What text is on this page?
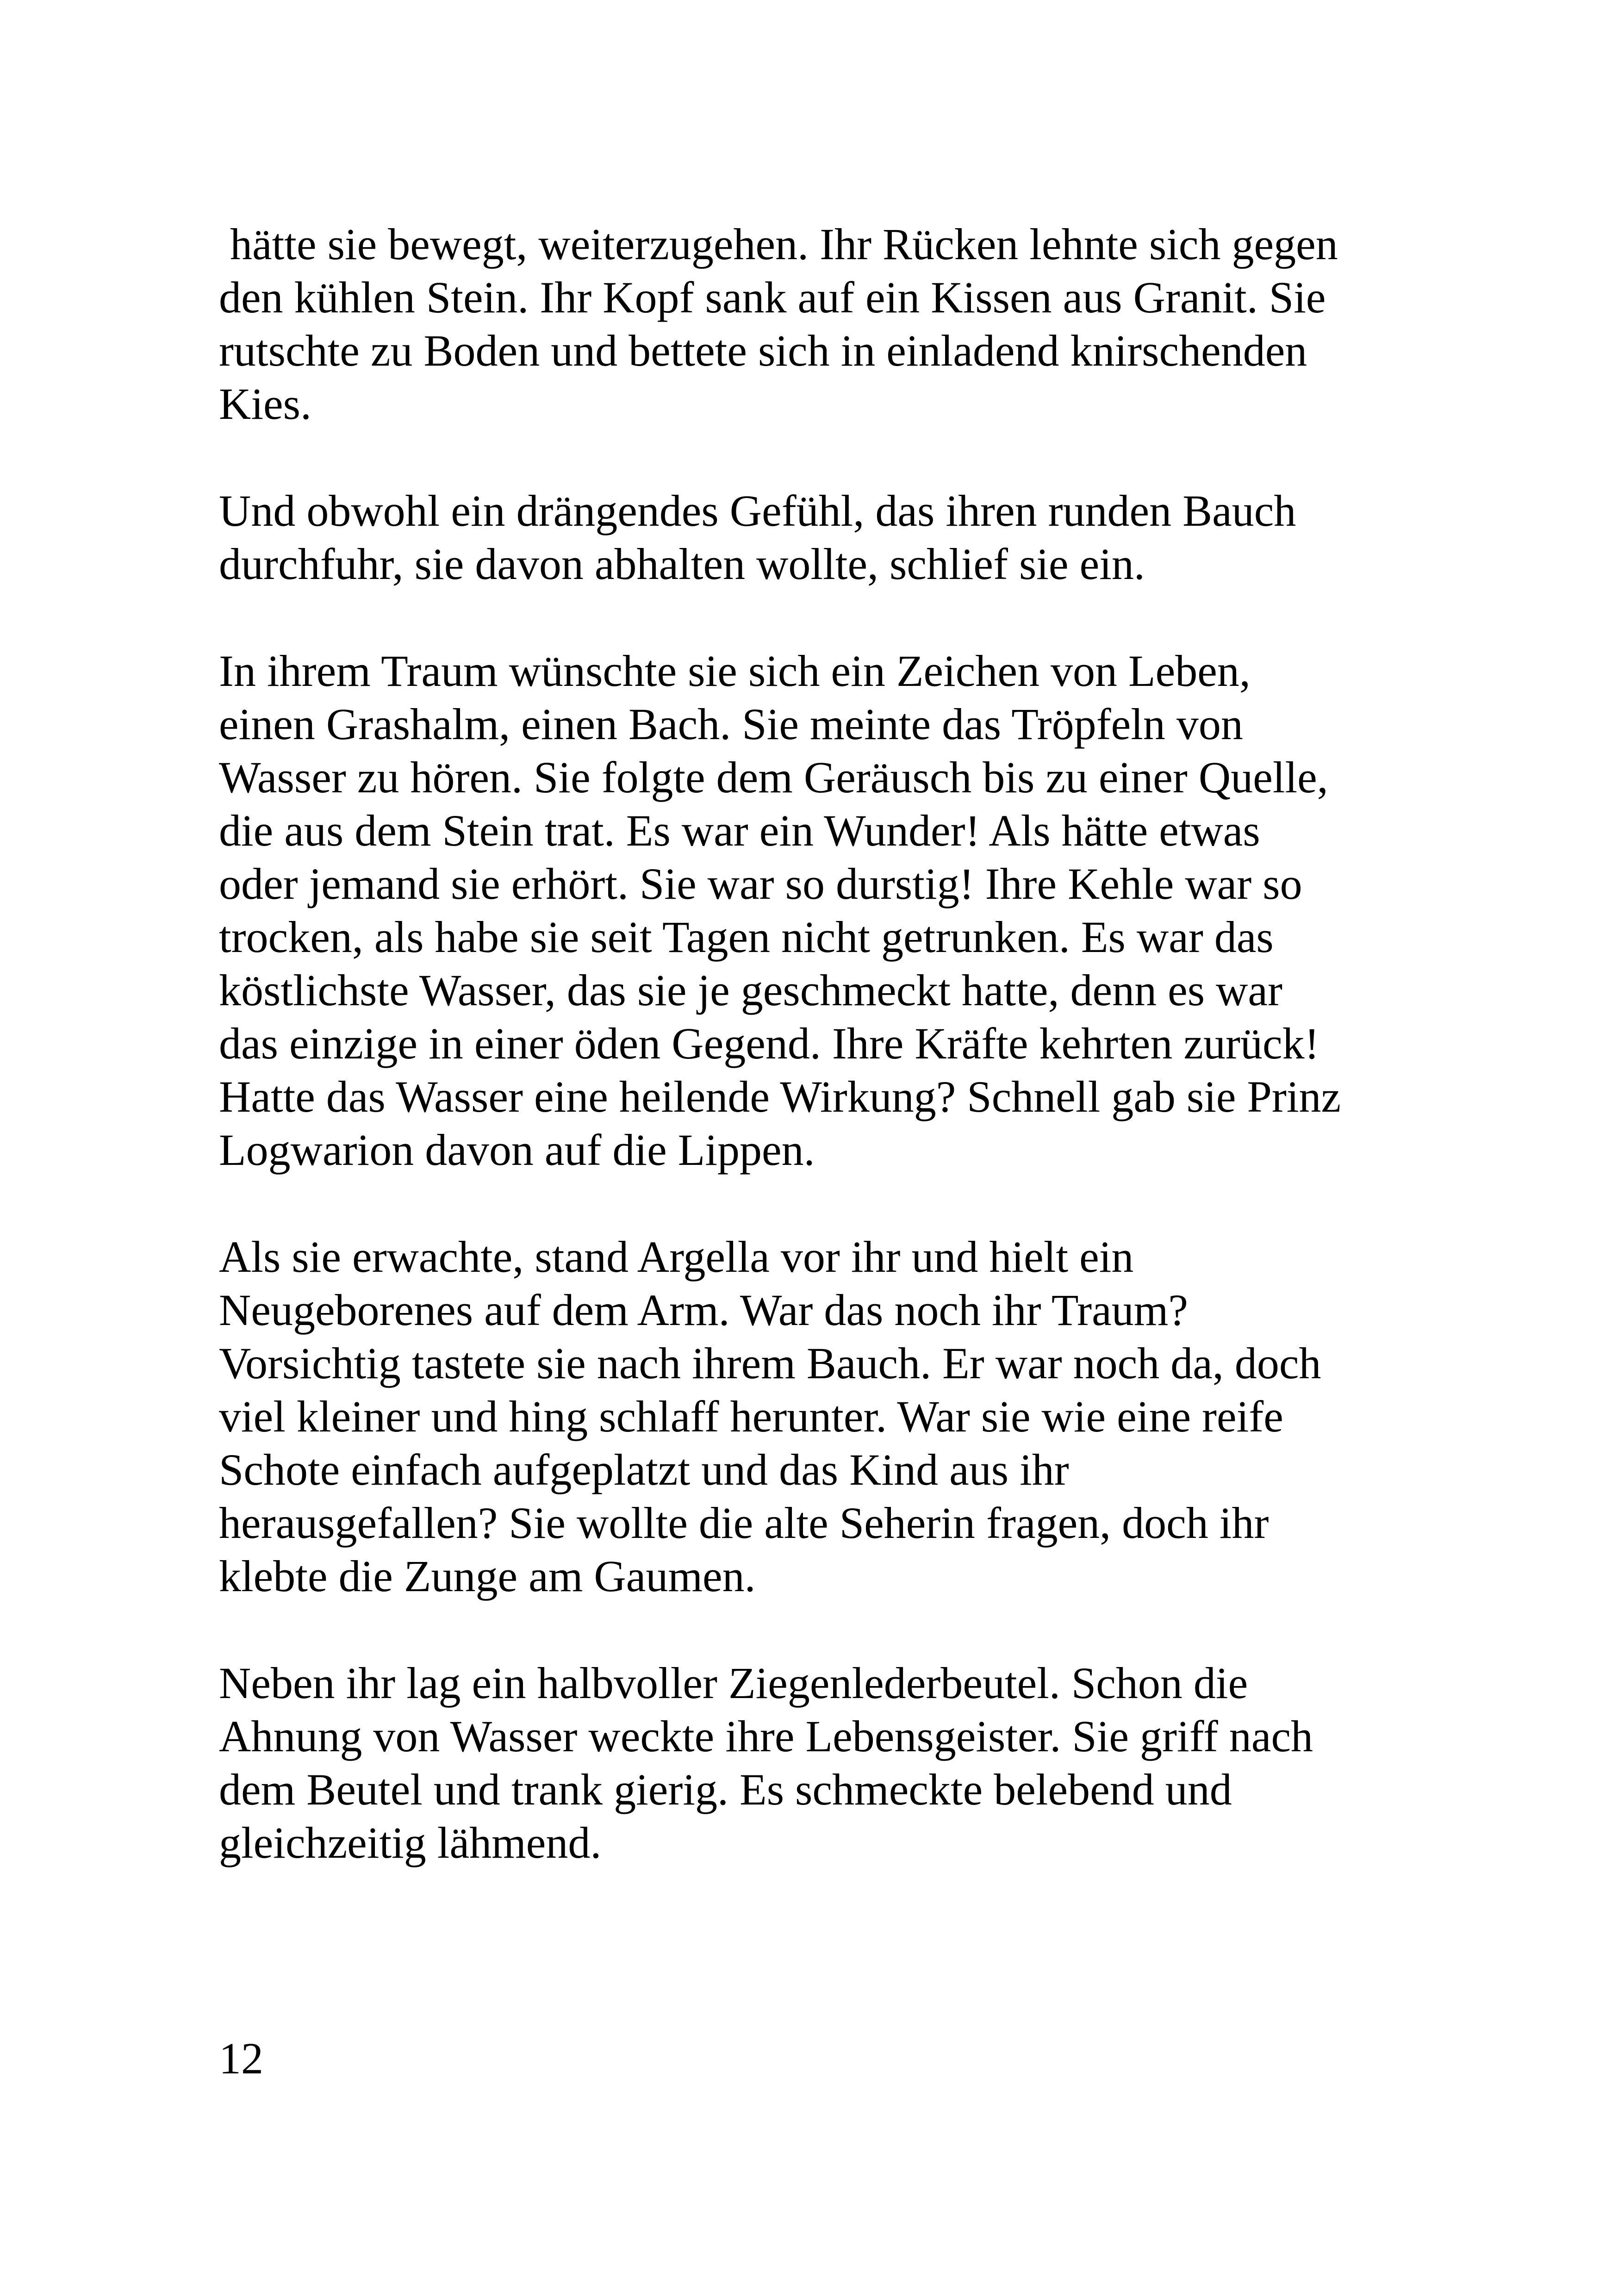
hätte sie bewegt, weiterzugehen. Ihr Rücken lehnte sich gegen
den kühlen Stein. Ihr Kopf sank auf ein Kissen aus Granit. Sie
rutschte zu Boden und bettete sich in einladend knirschenden
Kies.

Und obwohl ein drängendes Gefühl, das ihren runden Bauch
durchfuhr, sie davon abhalten wollte, schlief sie ein.

In ihrem Traum wünschte sie sich ein Zeichen von Leben,
einen Grashalm, einen Bach. Sie meinte das Tröpfeln von
Wasser zu hören. Sie folgte dem Geräusch bis zu einer Quelle,
die aus dem Stein trat. Es war ein Wunder! Als hätte etwas
oder jemand sie erhört. Sie war so durstig! Ihre Kehle war so
trocken, als habe sie seit Tagen nicht getrunken. Es war das
köstlichste Wasser, das sie je geschmeckt hatte, denn es war
das einzige in einer öden Gegend. Ihre Kräfte kehrten zurück!
Hatte das Wasser eine heilende Wirkung? Schnell gab sie Prinz
Logwarion davon auf die Lippen.

Als sie erwachte, stand Argella vor ihr und hielt ein
Neugeborenes auf dem Arm. War das noch ihr Traum?
Vorsichtig tastete sie nach ihrem Bauch. Er war noch da, doch
viel kleiner und hing schlaff herunter. War sie wie eine reife
Schote einfach aufgeplatzt und das Kind aus ihr
herausgefallen? Sie wollte die alte Seherin fragen, doch ihr
klebte die Zunge am Gaumen.

Neben ihr lag ein halbvoller Ziegenlederbeutel. Schon die
Ahnung von Wasser weckte ihre Lebensgeister. Sie griff nach
dem Beutel und trank gierig. Es schmeckte belebend und
gleichzeitig lähmend.

12
